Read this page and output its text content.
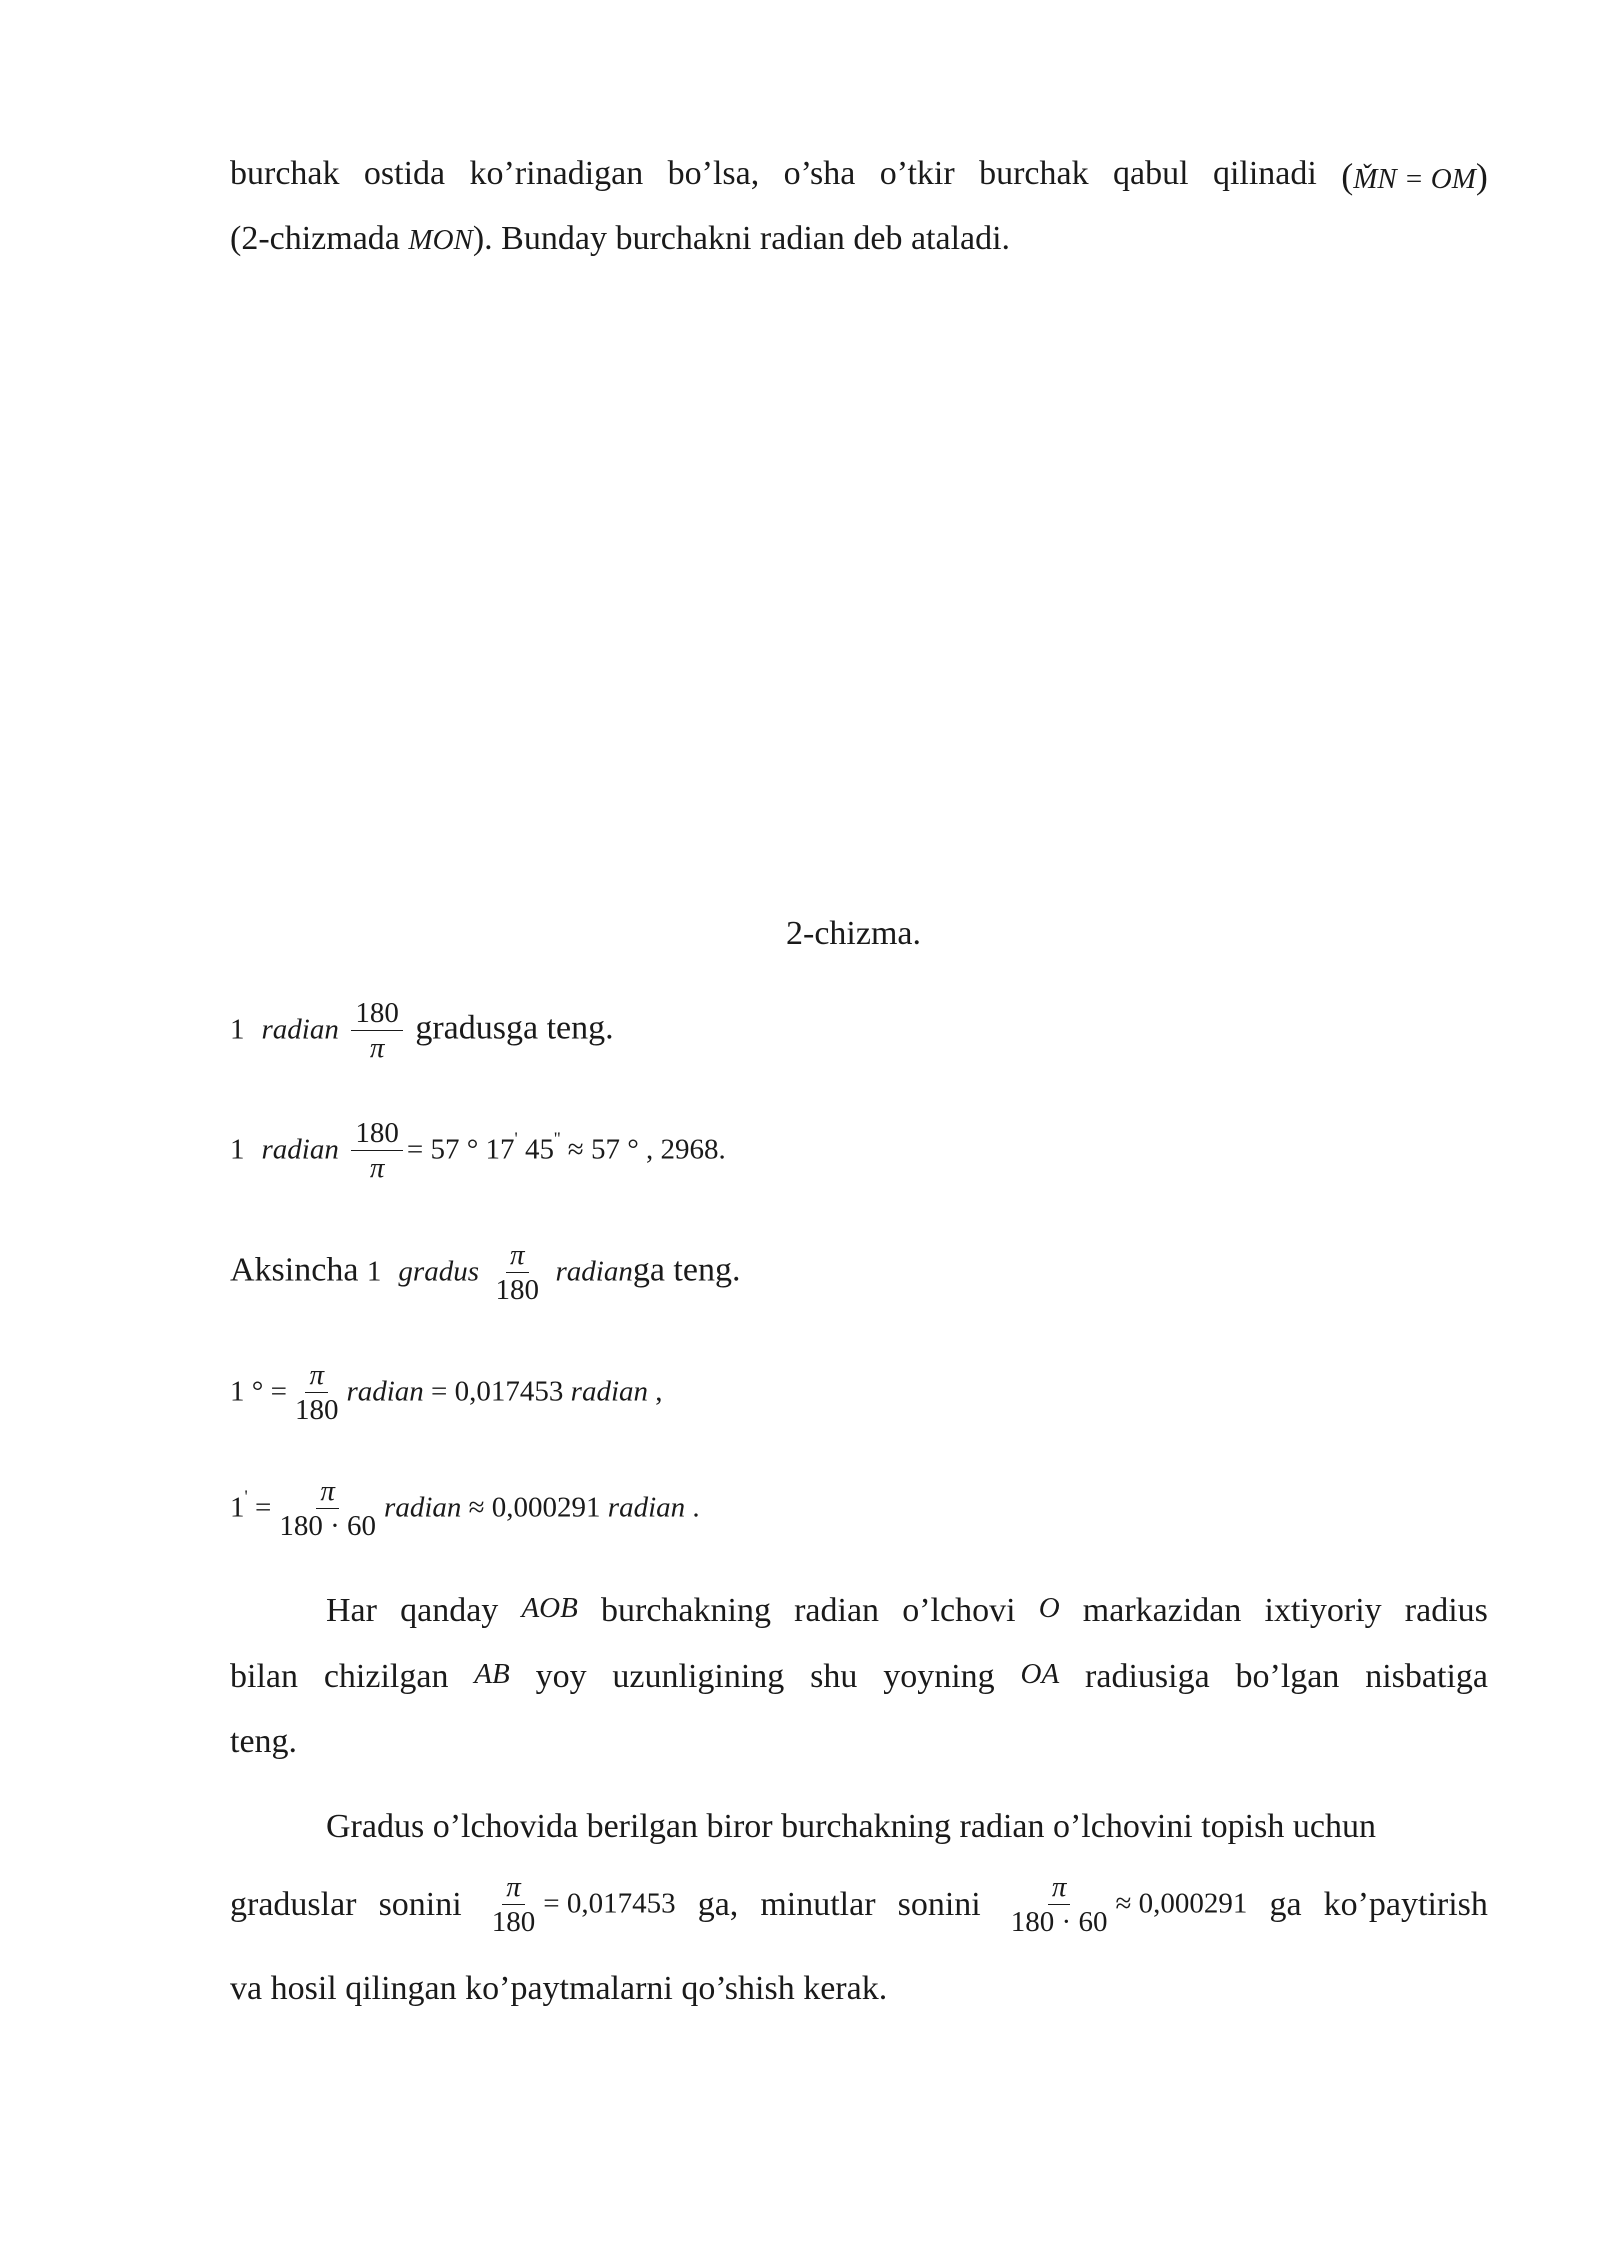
burchak ostida ko’rinadigan bo’lsa, o’sha o’tkir burchak qabul qilinadi (M̌N = OM)
(2-chizmada MON). Bunday burchakni radian deb ataladi.
2-chizma.
1 radian $\frac{180}{\pi}$ gradusga teng.
1 radian $\frac{180}{\pi} = 57$ ° 17' 45'' ≈ 57 ° , 2968.
Aksincha 1 gradus $\frac{\pi}{180}$ radianga teng.
1 ° = $\frac{\pi}{180}$ radian = 0,017453 radian ,
$1' = \frac{\pi}{180 \cdot 60}$ radian ≈ 0,000291 radian .
Har qanday AOB burchakning radian o’lchovi O markazidan ixtiyoriy radius
bilan chizilgan AB yoy uzunligining shu yoyning OA radiusiga bo’lgan nisbatiga
teng.
Gradus o’lchovida berilgan biror burchakning radian o’lchovini topish uchun
graduslar sonini $\frac{\pi}{180} = 0,017453$ ga, minutlar sonini $\frac{\pi}{180 \cdot 60} \approx 0,000291$ ga ko’paytirish
va hosil qilingan ko’paytmalarni qo’shish kerak.
